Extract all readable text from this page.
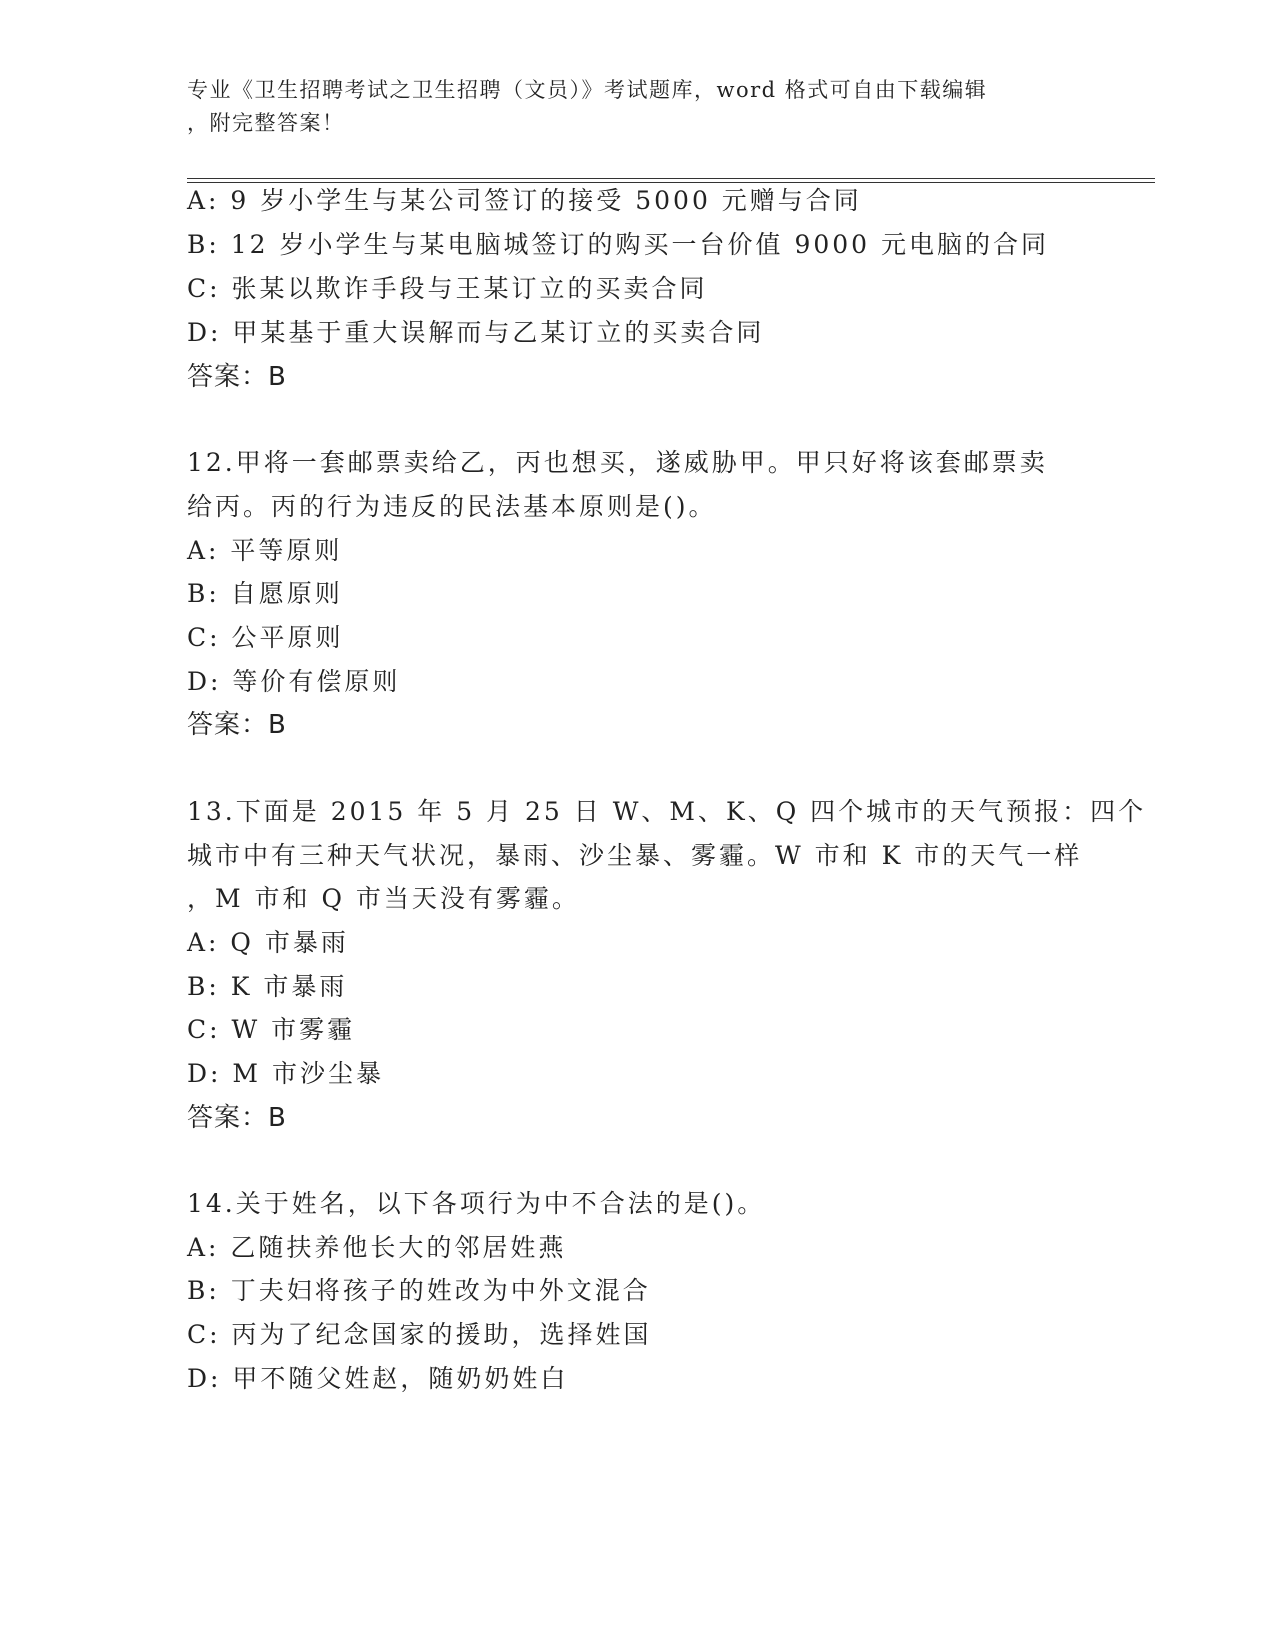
专业《卫生招聘考试之卫生招聘（文员）》考试题库，word 格式可自由下载编辑
，附完整答案！
A: 9 岁小学生与某公司签订的接受 5000 元赠与合同
B: 12 岁小学生与某电脑城签订的购买一台价值 9000 元电脑的合同
C: 张某以欺诈手段与王某订立的买卖合同
D: 甲某基于重大误解而与乙某订立的买卖合同
答案：B
12.甲将一套邮票卖给乙，丙也想买，遂威胁甲。甲只好将该套邮票卖
给丙。丙的行为违反的民法基本原则是()。
A: 平等原则
B: 自愿原则
C: 公平原则
D: 等价有偿原则
答案：B
13.下面是 2015 年 5 月 25 日 W、M、K、Q 四个城市的天气预报：四个
城市中有三种天气状况，暴雨、沙尘暴、雾霾。W 市和 K 市的天气一样
，M 市和 Q 市当天没有雾霾。
A: Q 市暴雨
B: K 市暴雨
C: W 市雾霾
D: M 市沙尘暴
答案：B
14.关于姓名，以下各项行为中不合法的是()。
A: 乙随扶养他长大的邻居姓燕
B: 丁夫妇将孩子的姓改为中外文混合
C: 丙为了纪念国家的援助，选择姓国
D: 甲不随父姓赵，随奶奶姓白
